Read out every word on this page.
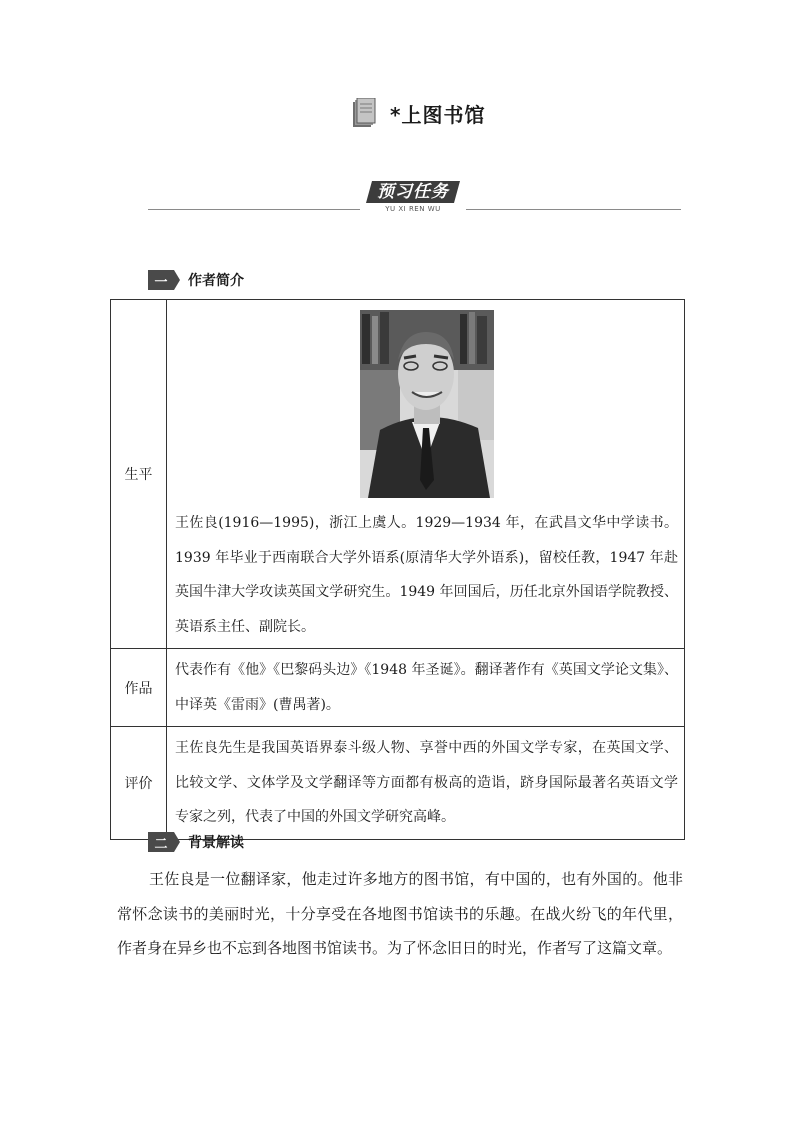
*上图书馆
预习任务
YU XI REN WU
一	作者简介
生平	王佐良(1916—1995)，浙江上虞人。1929—1934 年，在武昌文华中学读书。1939 年毕业于西南联合大学外语系(原清华大学外语系)，留校任教，1947 年赴英国牛津大学攻读英国文学研究生。1949 年回国后，历任北京外国语学院教授、英语系主任、副院长。
作品	代表作有《他》《巴黎码头边》《1948 年圣诞》。翻译著作有《英国文学论文集》、中译英《雷雨》(曹禺著)。
评价	王佐良先生是我国英语界泰斗级人物、享誉中西的外国文学专家，在英国文学、比较文学、文体学及文学翻译等方面都有极高的造诣，跻身国际最著名英语文学专家之列，代表了中国的外国文学研究高峰。
二	背景解读
王佐良是一位翻译家，他走过许多地方的图书馆，有中国的，也有外国的。他非常怀念读书的美丽时光，十分享受在各地图书馆读书的乐趣。在战火纷飞的年代里，作者身在异乡也不忘到各地图书馆读书。为了怀念旧日的时光，作者写了这篇文章。
